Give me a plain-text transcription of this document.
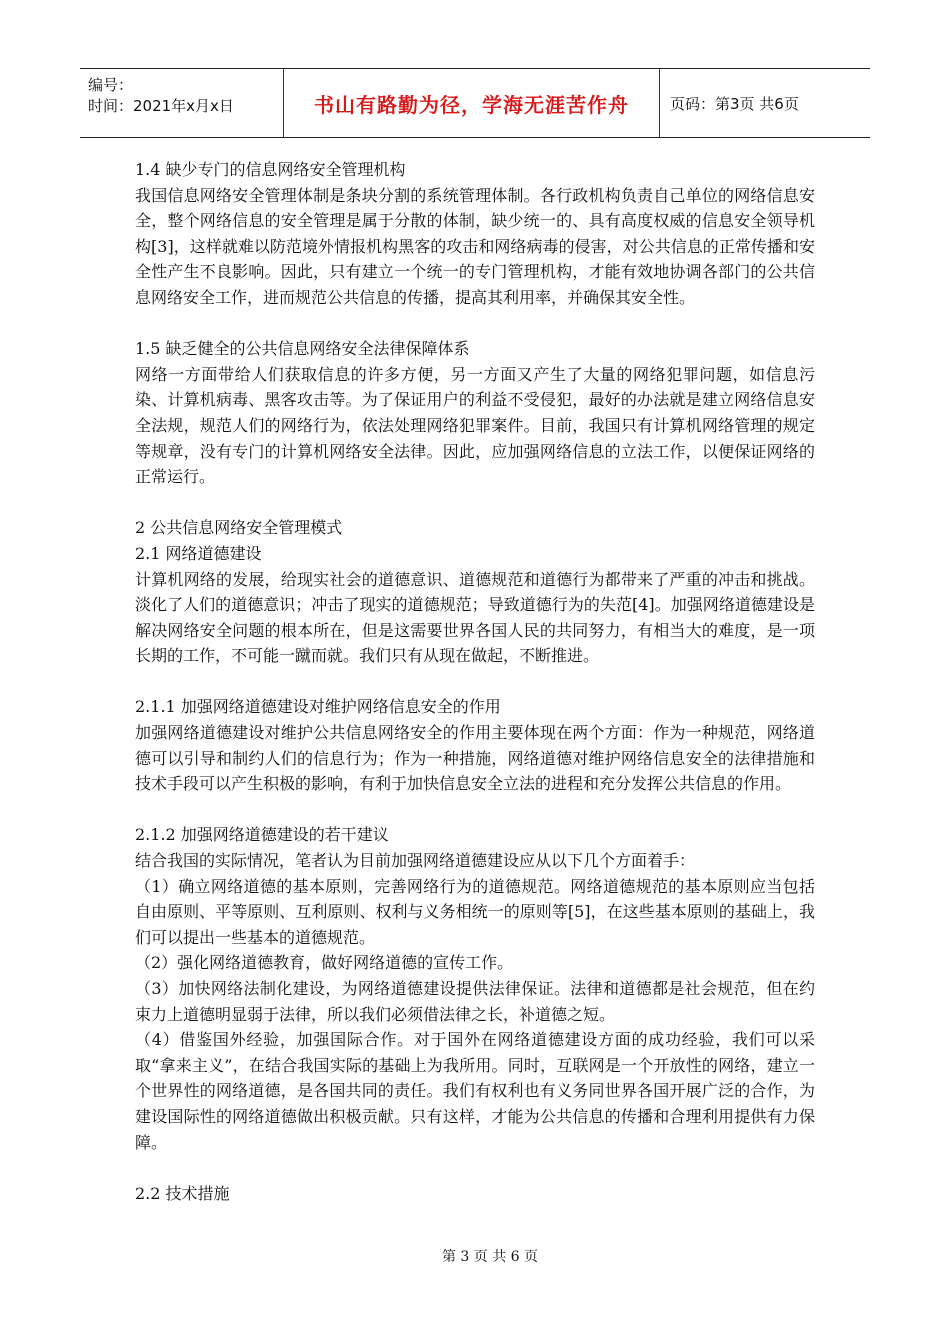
编号：
时间：2021年x月x日	书山有路勤为径，学海无涯苦作舟	页码：第3页 共6页

1.4 缺少专门的信息网络安全管理机构

我国信息网络安全管理体制是条块分割的系统管理体制。各行政机构负责自己单位的网络信息安全，整个网络信息的安全管理是属于分散的体制，缺少统一的、具有高度权威的信息安全领导机构[3]，这样就难以防范境外情报机构黑客的攻击和网络病毒的侵害，对公共信息的正常传播和安全性产生不良影响。因此，只有建立一个统一的专门管理机构，才能有效地协调各部门的公共信息网络安全工作，进而规范公共信息的传播，提高其利用率，并确保其安全性。

1.5 缺乏健全的公共信息网络安全法律保障体系

网络一方面带给人们获取信息的许多方便，另一方面又产生了大量的网络犯罪问题，如信息污染、计算机病毒、黑客攻击等。为了保证用户的利益不受侵犯，最好的办法就是建立网络信息安全法规，规范人们的网络行为，依法处理网络犯罪案件。目前，我国只有计算机网络管理的规定等规章，没有专门的计算机网络安全法律。因此，应加强网络信息的立法工作，以便保证网络的正常运行。

2 公共信息网络安全管理模式

2.1 网络道德建设

计算机网络的发展，给现实社会的道德意识、道德规范和道德行为都带来了严重的冲击和挑战。淡化了人们的道德意识；冲击了现实的道德规范；导致道德行为的失范[4]。加强网络道德建设是解决网络安全问题的根本所在，但是这需要世界各国人民的共同努力，有相当大的难度，是一项长期的工作，不可能一蹴而就。我们只有从现在做起，不断推进。

2.1.1 加强网络道德建设对维护网络信息安全的作用

加强网络道德建设对维护公共信息网络安全的作用主要体现在两个方面：作为一种规范，网络道德可以引导和制约人们的信息行为；作为一种措施，网络道德对维护网络信息安全的法律措施和技术手段可以产生积极的影响，有利于加快信息安全立法的进程和充分发挥公共信息的作用。

2.1.2 加强网络道德建设的若干建议

结合我国的实际情况，笔者认为目前加强网络道德建设应从以下几个方面着手：

（1）确立网络道德的基本原则，完善网络行为的道德规范。网络道德规范的基本原则应当包括自由原则、平等原则、互利原则、权利与义务相统一的原则等[5]，在这些基本原则的基础上，我们可以提出一些基本的道德规范。

（2）强化网络道德教育，做好网络道德的宣传工作。

（3）加快网络法制化建设，为网络道德建设提供法律保证。法律和道德都是社会规范，但在约束力上道德明显弱于法律，所以我们必须借法律之长，补道德之短。

（4）借鉴国外经验，加强国际合作。对于国外在网络道德建设方面的成功经验，我们可以采取“拿来主义”，在结合我国实际的基础上为我所用。同时，互联网是一个开放性的网络，建立一个世界性的网络道德，是各国共同的责任。我们有权利也有义务同世界各国开展广泛的合作，为建设国际性的网络道德做出积极贡献。只有这样，才能为公共信息的传播和合理利用提供有力保障。

2.2 技术措施

第 3 页 共 6 页
